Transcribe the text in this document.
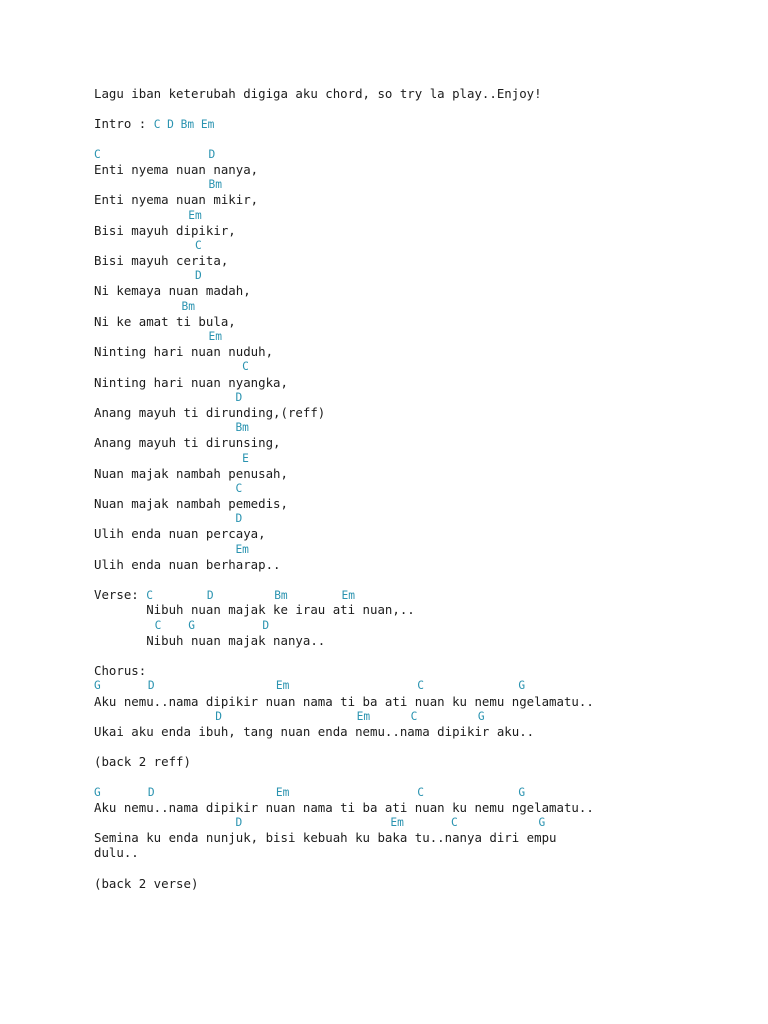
Lagu iban keterubah digiga aku chord, so try la play..Enjoy!
Intro : C D Bm Em
C                D
Enti nyema nuan nanya,
Bm
Enti nyema nuan mikir,
Em
Bisi mayuh dipikir,
C
Bisi mayuh cerita,
D
Ni kemaya nuan madah,
Bm
Ni ke amat ti bula,
Em
Ninting hari nuan nuduh,
C
Ninting hari nuan nyangka,
D
Anang mayuh ti dirunding,(reff)
Bm
Anang mayuh ti dirunsing,
E
Nuan majak nambah penusah,
C
Nuan majak nambah pemedis,
D
Ulih enda nuan percaya,
Em
Ulih enda nuan berharap..
Verse: C        D         Bm        Em
Nibuh nuan majak ke irau ati nuan,..
C    G          D
Nibuh nuan majak nanya..
Chorus:
G       D                  Em                   C              G
Aku nemu..nama dipikir nuan nama ti ba ati nuan ku nemu ngelamatu..
D                    Em      C         G
Ukai aku enda ibuh, tang nuan enda nemu..nama dipikir aku..
(back 2 reff)
G       D                  Em                   C              G
Aku nemu..nama dipikir nuan nama ti ba ati nuan ku nemu ngelamatu..
D                      Em       C            G
Semina ku enda nunjuk, bisi kebuah ku baka tu..nanya diri empu
dulu..
(back 2 verse)
